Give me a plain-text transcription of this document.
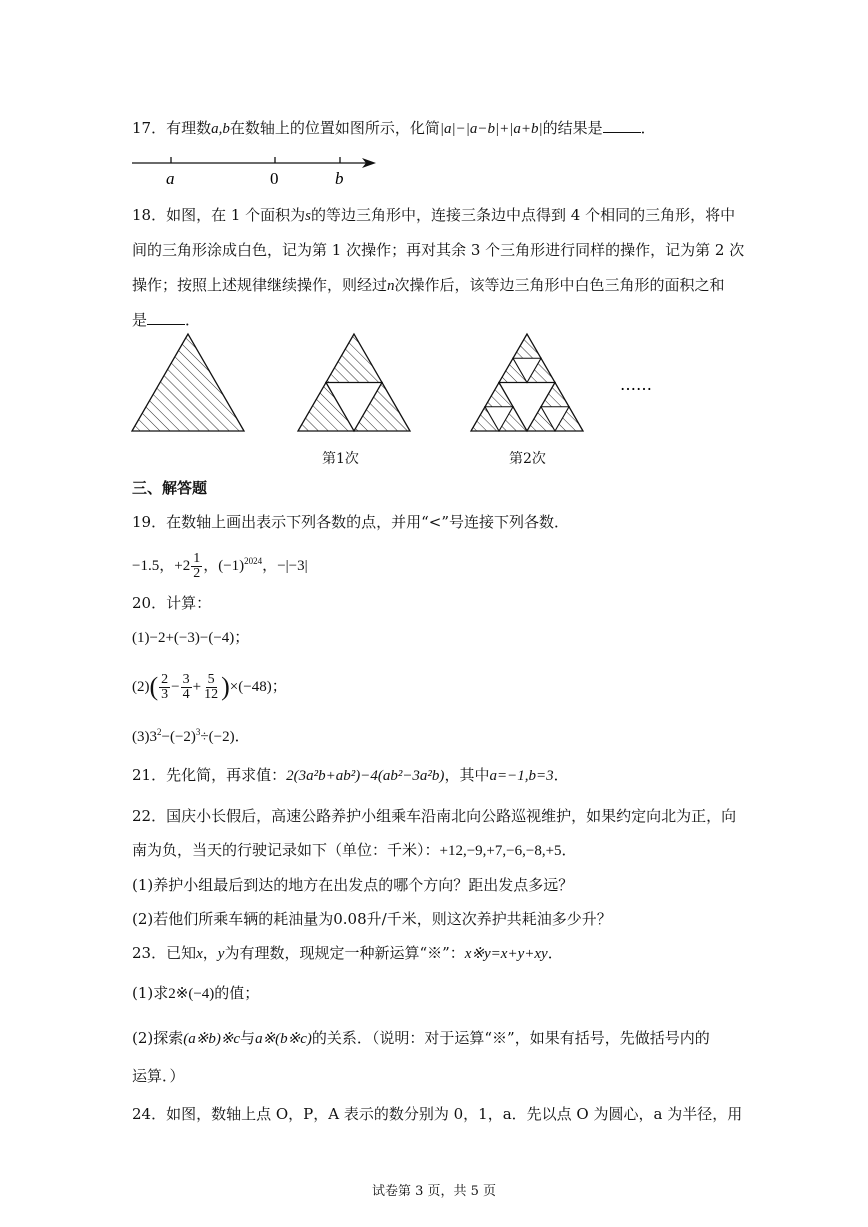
17．有理数a,b在数轴上的位置如图所示，化简|a|−|a−b|+|a+b|的结果是	．
a	0	b
18．如图，在 1 个面积为s的等边三角形中，连接三条边中点得到 4 个相同的三角形，将中
间的三角形涂成白色，记为第 1 次操作；再对其余 3 个三角形进行同样的操作，记为第 2 次
操作；按照上述规律继续操作，则经过n次操作后，该等边三角形中白色三角形的面积之和
是	．
……
第1次	第2次
三、解答题
19．在数轴上画出表示下列各数的点，并用“<”号连接下列各数．
−1.5，$+2 \frac{1}{2}$ ，$(-1)^{2024}$，−|−3|
20．计算：
(1)−2+(−3)−(−4)；
$(2)( \frac{2}{3} - \frac{3}{4} + \frac{5}{12} )\times(-48)$；
$(3)3^2-(-2)^3\div(-2)$．
21．先化简，再求值：2(3a²b+ab²)−4(ab²−3a²b)，其中a=−1,b=3．
22．国庆小长假后，高速公路养护小组乘车沿南北向公路巡视维护，如果约定向北为正，向
南为负，当天的行驶记录如下（单位：千米）：+12,−9,+7,−6,−8,+5．
(1)养护小组最后到达的地方在出发点的哪个方向？距出发点多远？
(2)若他们所乘车辆的耗油量为0.08升/千米，则这次养护共耗油多少升？
23．已知x，y为有理数，现规定一种新运算“※”：x※y=x+y+xy．
(1)求2※(−4)的值；
(2)探索(a※b)※c与a※(b※c)的关系．（说明：对于运算“※”，如果有括号，先做括号内的
运算．）
24．如图，数轴上点 O，P，A 表示的数分别为 0，1，a．先以点 O 为圆心，a 为半径，用
试卷第 3 页，共 5 页
